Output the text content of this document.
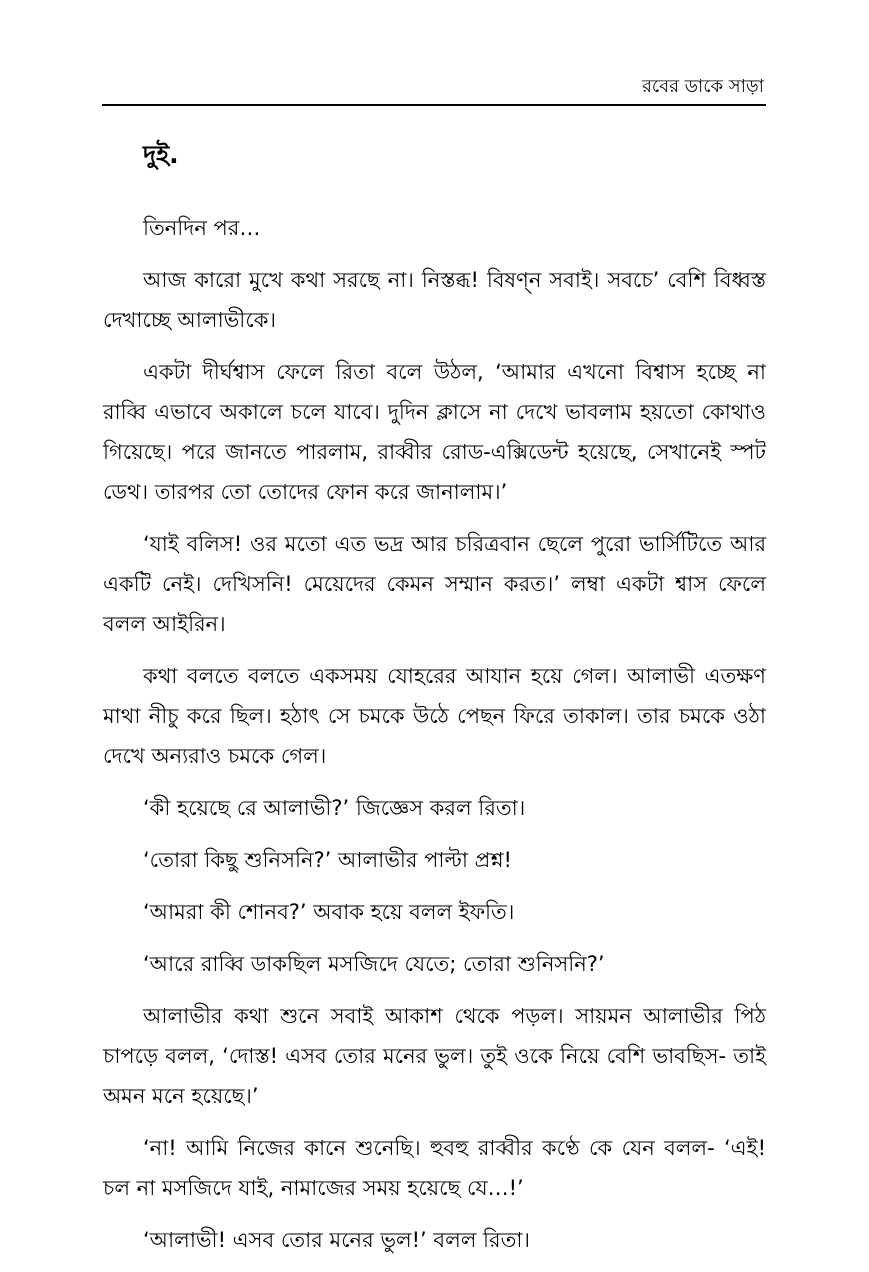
রবের ডাকে সাড়া
দুই.

তিনদিন পর…

আজ কারো মুখে কথা সরছে না। নিস্তব্ধ! বিষণ্ন সবাই। সবচে’ বেশি বিধ্বস্ত দেখাচ্ছে আলাভীকে।

একটা দীর্ঘশ্বাস ফেলে রিতা বলে উঠল, ‘আমার এখনো বিশ্বাস হচ্ছে না রাব্বি এভাবে অকালে চলে যাবে। দুদিন ক্লাসে না দেখে ভাবলাম হয়তো কোথাও গিয়েছে। পরে জানতে পারলাম, রাব্বীর রোড-এক্সিডেন্ট হয়েছে, সেখানেই স্পট ডেথ। তারপর তো তোদের ফোন করে জানালাম।’

‘যাই বলিস! ওর মতো এত ভদ্র আর চরিত্রবান ছেলে পুরো ভার্সিটিতে আর একটি নেই। দেখিসনি! মেয়েদের কেমন সম্মান করত।’ লম্বা একটা শ্বাস ফেলে বলল আইরিন।

কথা বলতে বলতে একসময় যোহরের আযান হয়ে গেল। আলাভী এতক্ষণ মাথা নীচু করে ছিল। হঠাৎ সে চমকে উঠে পেছন ফিরে তাকাল। তার চমকে ওঠা দেখে অন্যরাও চমকে গেল।

‘কী হয়েছে রে আলাভী?’ জিজ্ঞেস করল রিতা।

‘তোরা কিছু শুনিসনি?’ আলাভীর পাল্টা প্রশ্ন!

‘আমরা কী শোনব?’ অবাক হয়ে বলল ইফতি।

‘আরে রাব্বি ডাকছিল মসজিদে যেতে; তোরা শুনিসনি?’

আলাভীর কথা শুনে সবাই আকাশ থেকে পড়ল। সায়মন আলাভীর পিঠ চাপড়ে বলল, ‘দোস্ত! এসব তোর মনের ভুল। তুই ওকে নিয়ে বেশি ভাবছিস- তাই অমন মনে হয়েছে।’

‘না! আমি নিজের কানে শুনেছি। হুবহু রাব্বীর কণ্ঠে কে যেন বলল- ‘এই! চল না মসজিদে যাই, নামাজের সময় হয়েছে যে…!’

‘আলাভী! এসব তোর মনের ভুল!’ বলল রিতা।
